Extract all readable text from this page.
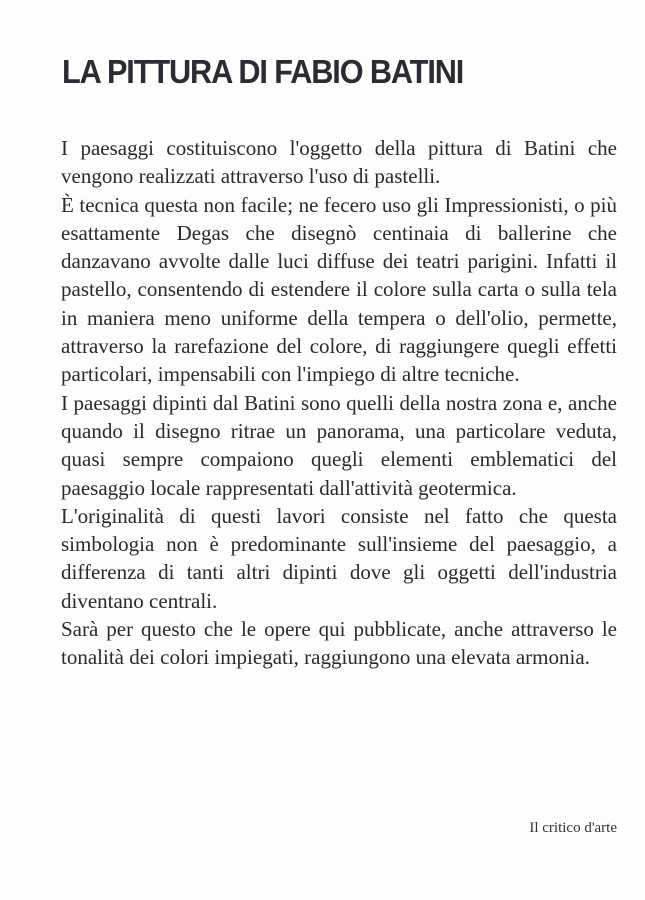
LA PITTURA DI FABIO BATINI

I paesaggi costituiscono l'oggetto della pittura di Batini che vengono realizzati attraverso l'uso di pastelli.

È tecnica questa non facile; ne fecero uso gli Impressionisti, o più esattamente Degas che disegnò centinaia di ballerine che danzavano avvolte dalle luci diffuse dei teatri parigini. Infatti il pastello, consentendo di estendere il colore sulla carta o sulla tela in maniera meno uniforme della tempera o dell'olio, permette, attraverso la rarefazione del colore, di raggiungere quegli effetti particolari, impensabili con l'impiego di altre tecniche.

I paesaggi dipinti dal Batini sono quelli della nostra zona e, anche quando il disegno ritrae un panorama, una particolare veduta, quasi sempre compaiono quegli elementi emblematici del paesaggio locale rappresentati dall'attività geotermica.

L'originalità di questi lavori consiste nel fatto che questa simbologia non è predominante sull'insieme del paesaggio, a differenza di tanti altri dipinti dove gli oggetti dell'industria diventano centrali.

Sarà per questo che le opere qui pubblicate, anche attraverso le tonalità dei colori impiegati, raggiungono una elevata armonia.

Il critico d'arte
